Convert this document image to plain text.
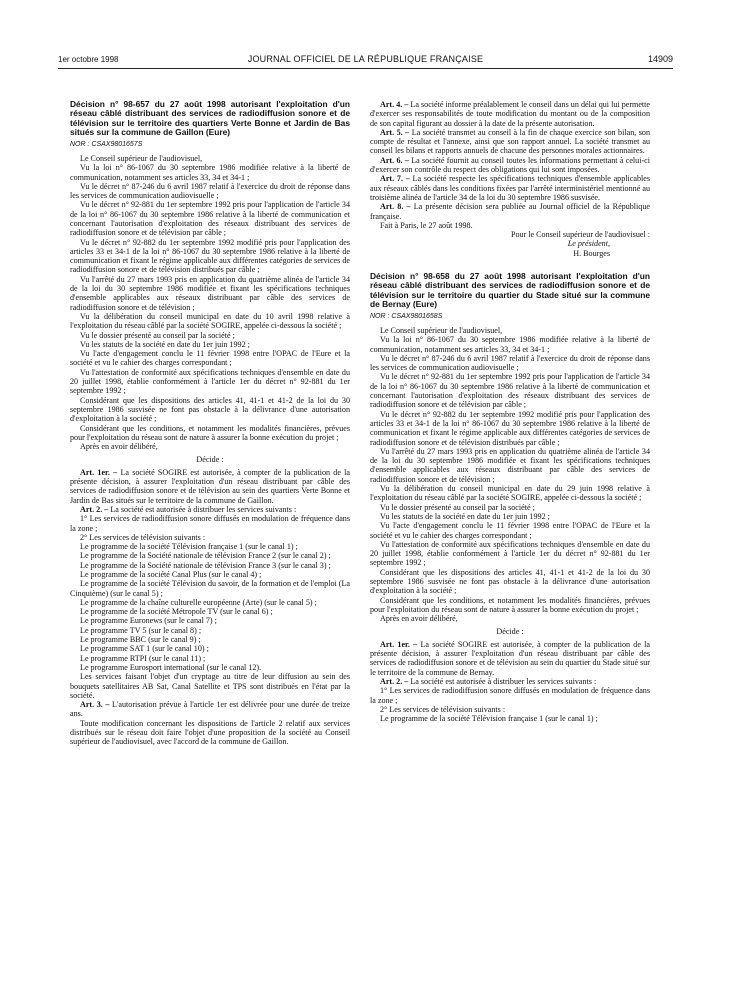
1er octobre 1998	JOURNAL OFFICIEL DE LA RÉPUBLIQUE FRANÇAISE	14909

Décision n° 98-657 du 27 août 1998 autorisant l'exploitation d'un réseau câblé distribuant des services de radiodiffusion sonore et de télévision sur le territoire des quartiers Verte Bonne et Jardin de Bas situés sur la commune de Gaillon (Eure)

NOR : CSAX9801657S

Le Conseil supérieur de l'audiovisuel,

Vu la loi n° 86-1067 du 30 septembre 1986 modifiée relative à la liberté de communication, notamment ses articles 33, 34 et 34-1 ;

Vu le décret n° 87-246 du 6 avril 1987 relatif à l'exercice du droit de réponse dans les services de communication audiovisuelle ;

Vu le décret n° 92-881 du 1er septembre 1992 pris pour l'application de l'article 34 de la loi n° 86-1067 du 30 septembre 1986 relative à la liberté de communication et concernant l'autorisation d'exploitation des réseaux distribuant des services de radiodiffusion sonore et de télévision par câble ;

Vu le décret n° 92-882 du 1er septembre 1992 modifié pris pour l'application des articles 33 et 34-1 de la loi n° 86-1067 du 30 septembre 1986 relative à la liberté de communication et fixant le régime applicable aux différentes catégories de services de radiodiffusion sonore et de télévision distribués par câble ;

Vu l'arrêté du 27 mars 1993 pris en application du quatrième alinéa de l'article 34 de la loi du 30 septembre 1986 modifiée et fixant les spécifications techniques d'ensemble applicables aux réseaux distribuant par câble des services de radiodiffusion sonore et de télévision ;

Vu la délibération du conseil municipal en date du 10 avril 1998 relative à l'exploitation du réseau câblé par la société SOGIRE, appelée ci-dessous la société ;

Vu le dossier présenté au conseil par la société ;

Vu les statuts de la société en date du 1er juin 1992 ;

Vu l'acte d'engagement conclu le 11 février 1998 entre l'OPAC de l'Eure et la société et vu le cahier des charges correspondant ;

Vu l'attestation de conformité aux spécifications techniques d'ensemble en date du 20 juillet 1998, établie conformément à l'article 1er du décret n° 92-881 du 1er septembre 1992 ;

Considérant que les dispositions des articles 41, 41-1 et 41-2 de la loi du 30 septembre 1986 susvisée ne font pas obstacle à la délivrance d'une autorisation d'exploitation à la société ;

Considérant que les conditions, et notamment les modalités financières, prévues pour l'exploitation du réseau sont de nature à assurer la bonne exécution du projet ;

Après en avoir délibéré,

Décide :

Art. 1er. – La société SOGIRE est autorisée, à compter de la publication de la présente décision, à assurer l'exploitation d'un réseau distribuant par câble des services de radiodiffusion sonore et de télévision au sein des quartiers Verte Bonne et Jardin de Bas situés sur le territoire de la commune de Gaillon.

Art. 2. – La société est autorisée à distribuer les services suivants :

1° Les services de radiodiffusion sonore diffusés en modulation de fréquence dans la zone ;

2° Les services de télévision suivants :

Le programme de la société Télévision française 1 (sur le canal 1) ;

Le programme de la Société nationale de télévision France 2 (sur le canal 2) ;

Le programme de la Société nationale de télévision France 3 (sur le canal 3) ;

Le programme de la société Canal Plus (sur le canal 4) ;

Le programme de la société Télévision du savoir, de la formation et de l'emploi (La Cinquième) (sur le canal 5) ;

Le programme de la chaîne culturelle européenne (Arte) (sur le canal 5) ;

Le programme de la société Métropole TV (sur le canal 6) ;

Le programme Euronews (sur le canal 7) ;

Le programme TV 5 (sur le canal 8) ;

Le programme BBC (sur le canal 9) ;

Le programme SAT 1 (sur le canal 10) ;

Le programme RTPI (sur le canal 11) ;

Le programme Eurosport international (sur le canal 12).

Les services faisant l'objet d'un cryptage au titre de leur diffusion au sein des bouquets satellitaires AB Sat, Canal Satellite et TPS sont distribués en l'état par la société.

Art. 3. – L'autorisation prévue à l'article 1er est délivrée pour une durée de treize ans.

Toute modification concernant les dispositions de l'article 2 relatif aux services distribués sur le réseau doit faire l'objet d'une proposition de la société au Conseil supérieur de l'audiovisuel, avec l'accord de la commune de Gaillon.

Art. 4. – La société informe préalablement le conseil dans un délai qui lui permette d'exercer ses responsabilités de toute modification du montant ou de la composition de son capital figurant au dossier à la date de la présente autorisation.

Art. 5. – La société transmet au conseil à la fin de chaque exercice son bilan, son compte de résultat et l'annexe, ainsi que son rapport annuel. La société transmet au conseil les bilans et rapports annuels de chacune des personnes morales actionnaires.

Art. 6. – La société fournit au conseil toutes les informations permettant à celui-ci d'exercer son contrôle du respect des obligations qui lui sont imposées.

Art. 7. – La société respecte les spécifications techniques d'ensemble applicables aux réseaux câblés dans les conditions fixées par l'arrêté interministériel mentionné au troisième alinéa de l'article 34 de la loi du 30 septembre 1986 susvisée.

Art. 8. – La présente décision sera publiée au Journal officiel de la République française.

Fait à Paris, le 27 août 1998.

Pour le Conseil supérieur de l'audiovisuel :

Le président,

H. Bourges

Décision n° 98-658 du 27 août 1998 autorisant l'exploitation d'un réseau câblé distribuant des services de radiodiffusion sonore et de télévision sur le territoire du quartier du Stade situé sur la commune de Bernay (Eure)

NOR : CSAX9801658S

Le Conseil supérieur de l'audiovisuel,

Vu la loi n° 86-1067 du 30 septembre 1986 modifiée relative à la liberté de communication, notamment ses articles 33, 34 et 34-1 ;

Vu le décret n° 87-246 du 6 avril 1987 relatif à l'exercice du droit de réponse dans les services de communication audiovisuelle ;

Vu le décret n° 92-881 du 1er septembre 1992 pris pour l'application de l'article 34 de la loi n° 86-1067 du 30 septembre 1986 relative à la liberté de communication et concernant l'autorisation d'exploitation des réseaux distribuant des services de radiodiffusion sonore et de télévision par câble ;

Vu le décret n° 92-882 du 1er septembre 1992 modifié pris pour l'application des articles 33 et 34-1 de la loi n° 86-1067 du 30 septembre 1986 relative à la liberté de communication et fixant le régime applicable aux différentes catégories de services de radiodiffusion sonore et de télévision distribués par câble ;

Vu l'arrêté du 27 mars 1993 pris en application du quatrième alinéa de l'article 34 de la loi du 30 septembre 1986 modifiée et fixant les spécifications techniques d'ensemble applicables aux réseaux distribuant par câble des services de radiodiffusion sonore et de télévision ;

Vu la délibération du conseil municipal en date du 29 juin 1998 relative à l'exploitation du réseau câblé par la société SOGIRE, appelée ci-dessous la société ;

Vu le dossier présenté au conseil par la société ;

Vu les statuts de la société en date du 1er juin 1992 ;

Vu l'acte d'engagement conclu le 11 février 1998 entre l'OPAC de l'Eure et la société et vu le cahier des charges correspondant ;

Vu l'attestation de conformité aux spécifications techniques d'ensemble en date du 20 juillet 1998, établie conformément à l'article 1er du décret n° 92-881 du 1er septembre 1992 ;

Considérant que les dispositions des articles 41, 41-1 et 41-2 de la loi du 30 septembre 1986 susvisée ne font pas obstacle à la délivrance d'une autorisation d'exploitation à la société ;

Considérant que les conditions, et notamment les modalités financières, prévues pour l'exploitation du réseau sont de nature à assurer la bonne exécution du projet ;

Après en avoir délibéré,

Décide :

Art. 1er. – La société SOGIRE est autorisée, à compter de la publication de la présente décision, à assurer l'exploitation d'un réseau distribuant par câble des services de radiodiffusion sonore et de télévision au sein du quartier du Stade situé sur le territoire de la commune de Bernay.

Art. 2. – La société est autorisée à distribuer les services suivants :

1° Les services de radiodiffusion sonore diffusés en modulation de fréquence dans la zone ;

2° Les services de télévision suivants :

Le programme de la société Télévision française 1 (sur le canal 1) ;
